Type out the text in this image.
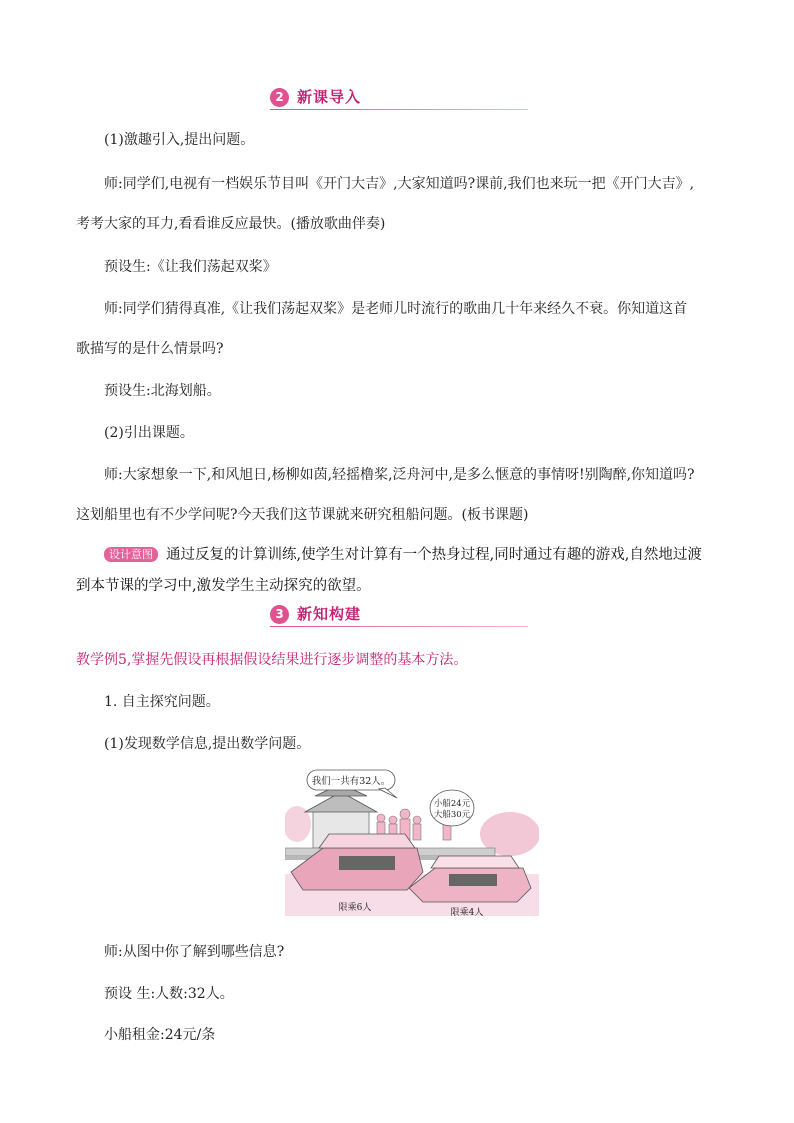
2 新课导入
(1)激趣引入,提出问题。
师:同学们,电视有一档娱乐节目叫《开门大吉》,大家知道吗?课前,我们也来玩一把《开门大吉》,
考考大家的耳力,看看谁反应最快。(播放歌曲伴奏)
预设生:《让我们荡起双桨》
师:同学们猜得真准,《让我们荡起双桨》是老师儿时流行的歌曲几十年来经久不衰。你知道这首
歌描写的是什么情景吗?
预设生:北海划船。
(2)引出课题。
师:大家想象一下,和风旭日,杨柳如茵,轻摇橹桨,泛舟河中,是多么惬意的事情呀!别陶醉,你知道吗?
这划船里也有不少学问呢?今天我们这节课就来研究租船问题。(板书课题)
设计意图 通过反复的计算训练,使学生对计算有一个热身过程,同时通过有趣的游戏,自然地过渡
到本节课的学习中,激发学生主动探究的欲望。
3 新知构建
教学例5,掌握先假设再根据假设结果进行逐步调整的基本方法。
1. 自主探究问题。
(1)发现数学信息,提出数学问题。
我们一共有32人。
小船24元
大船30元
限乘6人	限乘4人
师:从图中你了解到哪些信息?
预设 生:人数:32人。
小船租金:24元/条
